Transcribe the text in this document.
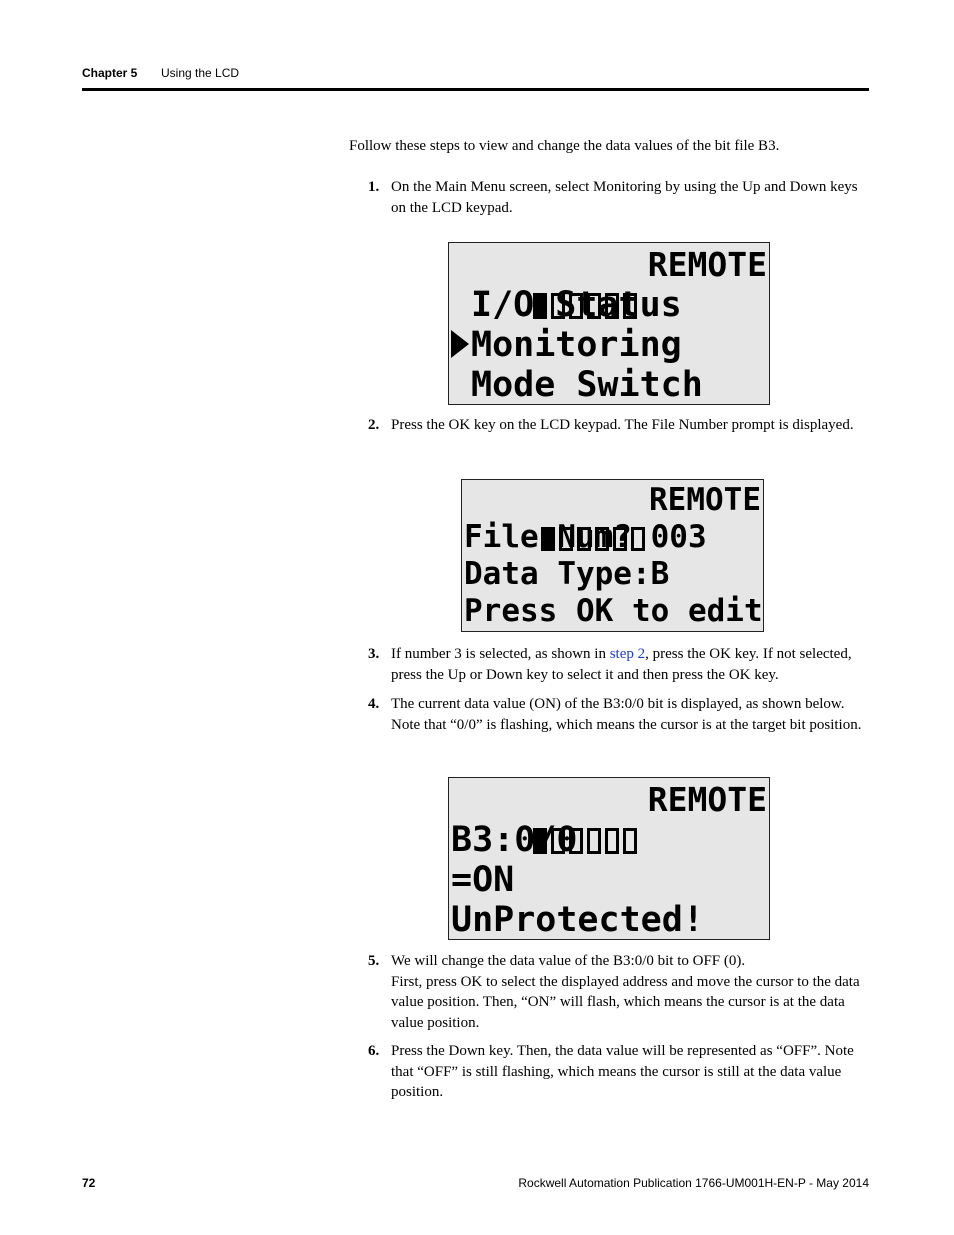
Chapter 5 Using the LCD
Follow these steps to view and change the data values of the bit file B3.
1. On the Main Menu screen, select Monitoring by using the Up and Down keys on the LCD keypad.

REMOTE
I/O Status
Monitoring
Mode Switch
2. Press the OK key on the LCD keypad. The File Number prompt is displayed.

REMOTE
File Num? 003
Data Type:B
Press OK to edit
3. If number 3 is selected, as shown in step 2, press the OK key. If not selected, press the Up or Down key to select it and then press the OK key.
4. The current data value (ON) of the B3:0/0 bit is displayed, as shown below. Note that “0/0” is flashing, which means the cursor is at the target bit position.

REMOTE
B3:0/0
=ON
UnProtected!
5. We will change the data value of the B3:0/0 bit to OFF (0).
First, press OK to select the displayed address and move the cursor to the data value position. Then, “ON” will flash, which means the cursor is at the data value position.
6. Press the Down key. Then, the data value will be represented as “OFF”. Note that “OFF” is still flashing, which means the cursor is still at the data value position.
72	Rockwell Automation Publication 1766-UM001H-EN-P - May 2014
